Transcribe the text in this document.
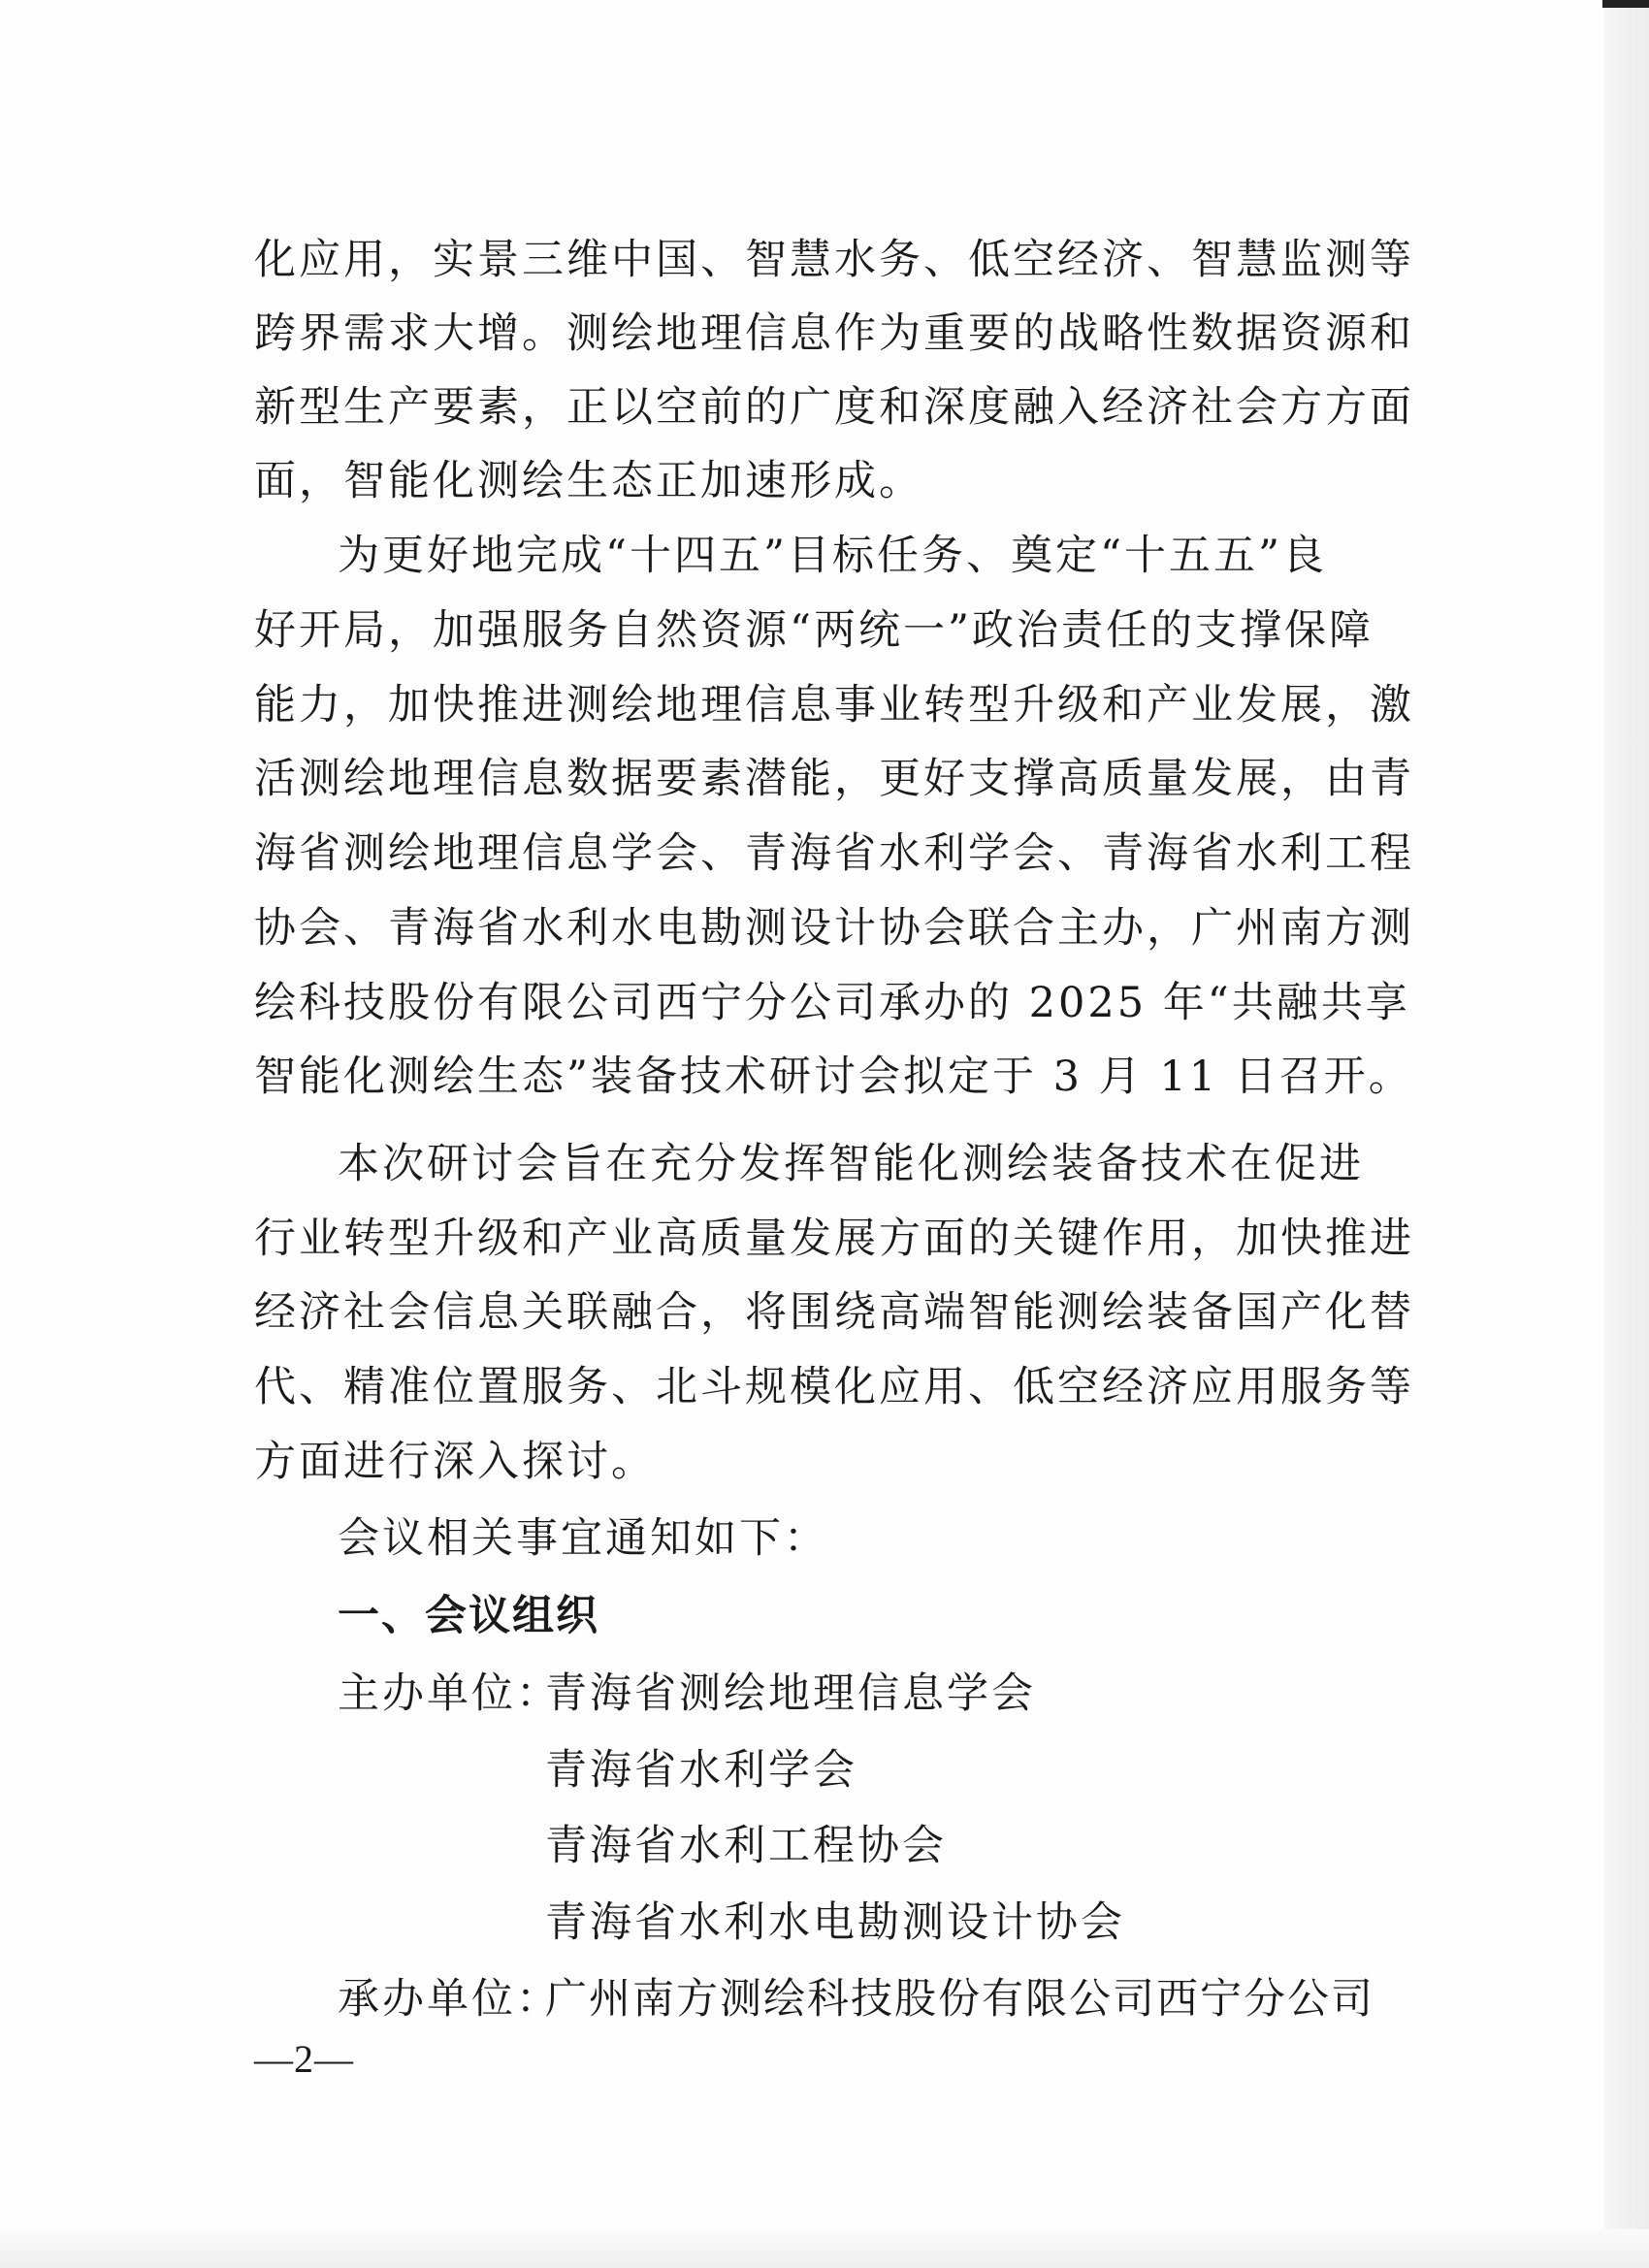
化应用，实景三维中国、智慧水务、低空经济、智慧监测等
跨界需求大增。测绘地理信息作为重要的战略性数据资源和
新型生产要素，正以空前的广度和深度融入经济社会方方面
面，智能化测绘生态正加速形成。
为更好地完成“十四五”目标任务、奠定“十五五”良
好开局，加强服务自然资源“两统一”政治责任的支撑保障
能力，加快推进测绘地理信息事业转型升级和产业发展，激
活测绘地理信息数据要素潜能，更好支撑高质量发展，由青
海省测绘地理信息学会、青海省水利学会、青海省水利工程
协会、青海省水利水电勘测设计协会联合主办，广州南方测
绘科技股份有限公司西宁分公司承办的 2025 年“共融共享
智能化测绘生态”装备技术研讨会拟定于 3 月 11 日召开。
本次研讨会旨在充分发挥智能化测绘装备技术在促进
行业转型升级和产业高质量发展方面的关键作用，加快推进
经济社会信息关联融合，将围绕高端智能测绘装备国产化替
代、精准位置服务、北斗规模化应用、低空经济应用服务等
方面进行深入探讨。
会议相关事宜通知如下：
一、会议组织
主办单位：
青海省测绘地理信息学会
青海省水利学会
青海省水利工程协会
青海省水利水电勘测设计协会
承办单位：
广州南方测绘科技股份有限公司西宁分公司
—2—
